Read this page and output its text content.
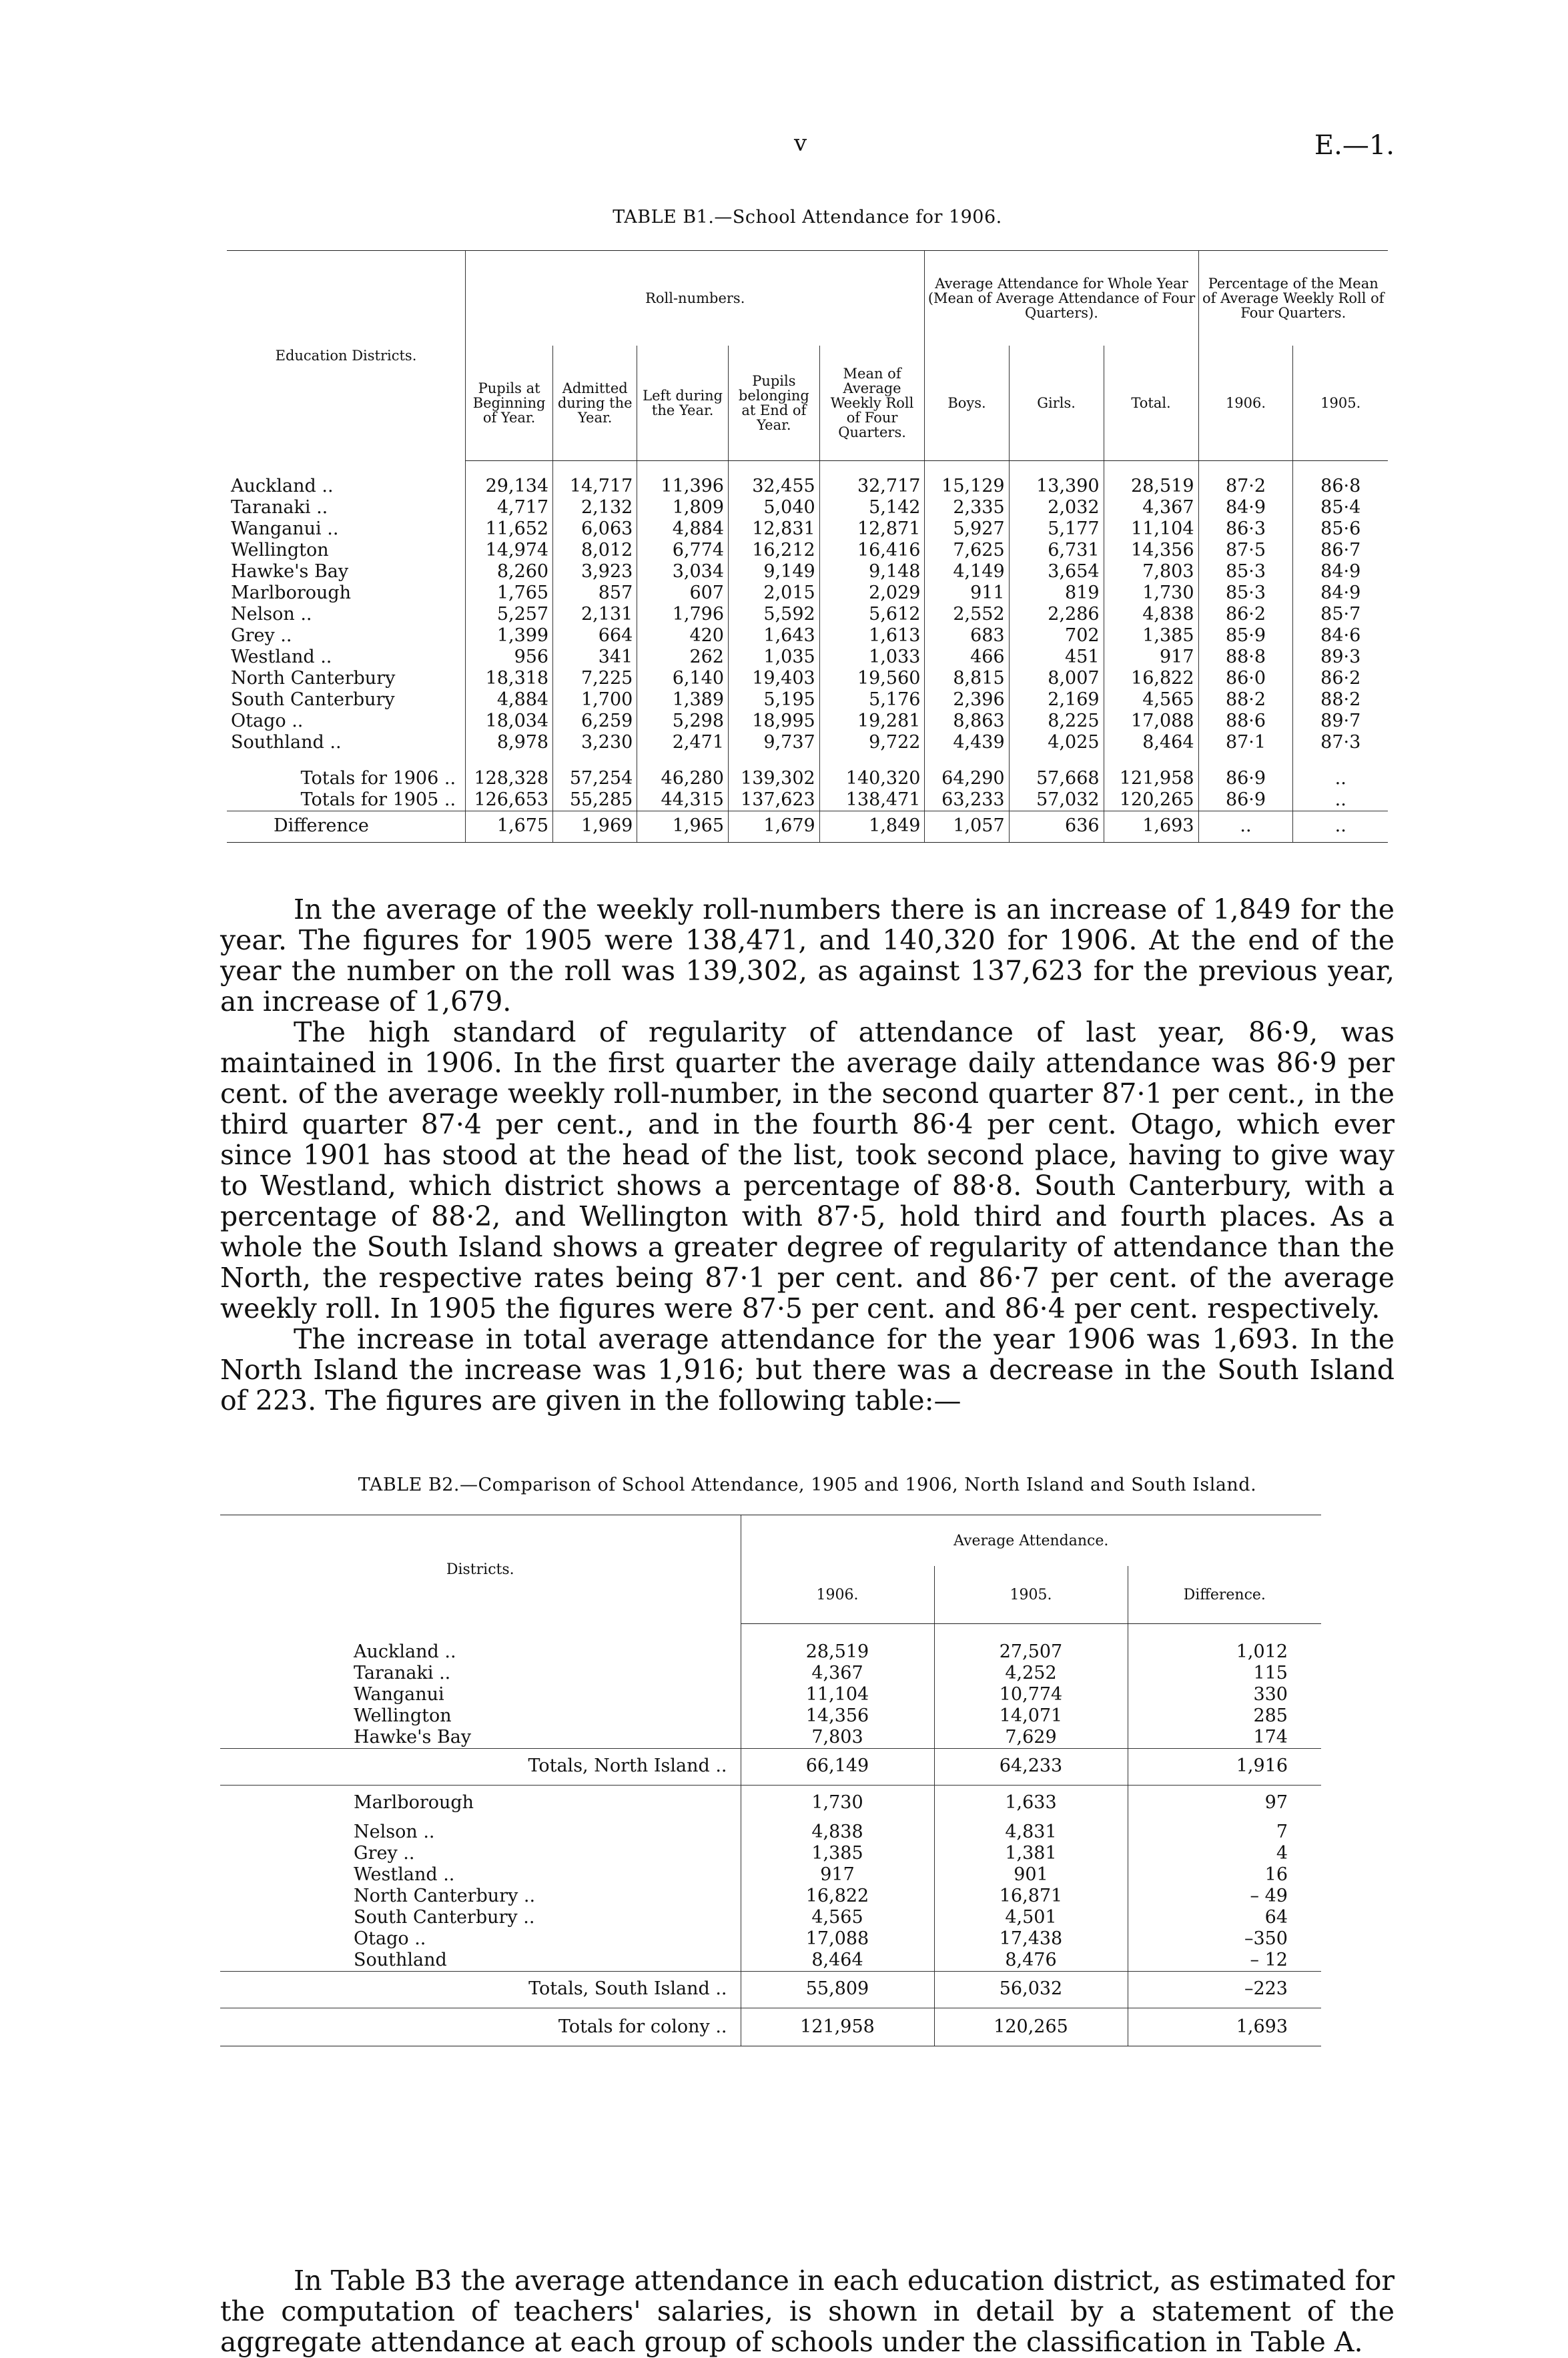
v	E.—1.
TABLE B1.—School Attendance for 1906.
Education Districts.	Roll-numbers.					Average Attendance for Whole Year (Mean of Average Attendance of Four Quarters).			Percentage of the Mean of Average Weekly Roll of Four Quarters.	
	Pupils at Beginning of Year.	Admitted during the Year.	Left during the Year.	Pupils belonging at End of Year.	Mean of Average Weekly Roll of Four Quarters.	Boys.	Girls.	Total.	1906.	1905.

Auckland ..	29,134	14,717	11,396	32,455	32,717	15,129	13,390	28,519	87·2	86·8
Taranaki ..	4,717	2,132	1,809	5,040	5,142	2,335	2,032	4,367	84·9	85·4
Wanganui ..	11,652	6,063	4,884	12,831	12,871	5,927	5,177	11,104	86·3	85·6
Wellington	14,974	8,012	6,774	16,212	16,416	7,625	6,731	14,356	87·5	86·7
Hawke's Bay	8,260	3,923	3,034	9,149	9,148	4,149	3,654	7,803	85·3	84·9
Marlborough	1,765	857	607	2,015	2,029	911	819	1,730	85·3	84·9
Nelson ..	5,257	2,131	1,796	5,592	5,612	2,552	2,286	4,838	86·2	85·7
Grey ..	1,399	664	420	1,643	1,613	683	702	1,385	85·9	84·6
Westland ..	956	341	262	1,035	1,033	466	451	917	88·8	89·3
North Canterbury	18,318	7,225	6,140	19,403	19,560	8,815	8,007	16,822	86·0	86·2
South Canterbury	4,884	1,700	1,389	5,195	5,176	2,396	2,169	4,565	88·2	88·2
Otago ..	18,034	6,259	5,298	18,995	19,281	8,863	8,225	17,088	88·6	89·7
Southland ..	8,978	3,230	2,471	9,737	9,722	4,439	4,025	8,464	87·1	87·3

Totals for 1906 ..	128,328	57,254	46,280	139,302	140,320	64,290	57,668	121,958	86·9	..
Totals for 1905 ..	126,653	55,285	44,315	137,623	138,471	63,233	57,032	120,265	86·9	..
Difference	1,675	1,969	1,965	1,679	1,849	1,057	636	1,693	..	..

In the average of the weekly roll-numbers there is an increase of 1,849 for the year. The figures for 1905 were 138,471, and 140,320 for 1906. At the end of the year the number on the roll was 139,302, as against 137,623 for the previous year, an increase of 1,679.

The high standard of regularity of attendance of last year, 86·9, was maintained in 1906. In the first quarter the average daily attendance was 86·9 per cent. of the average weekly roll-number, in the second quarter 87·1 per cent., in the third quarter 87·4 per cent., and in the fourth 86·4 per cent. Otago, which ever since 1901 has stood at the head of the list, took second place, having to give way to Westland, which district shows a percentage of 88·8. South Canterbury, with a percentage of 88·2, and Wellington with 87·5, hold third and fourth places. As a whole the South Island shows a greater degree of regularity of attendance than the North, the respective rates being 87·1 per cent. and 86·7 per cent. of the average weekly roll. In 1905 the figures were 87·5 per cent. and 86·4 per cent. respectively.

The increase in total average attendance for the year 1906 was 1,693. In the North Island the increase was 1,916; but there was a decrease in the South Island of 223. The figures are given in the following table:—

TABLE B2.—Comparison of School Attendance, 1905 and 1906, North Island and South Island.
Districts.	Average Attendance.		
	1906.	1905.	Difference.

Auckland ..	28,519	27,507	1,012
Taranaki ..	4,367	4,252	115
Wanganui	11,104	10,774	330
Wellington	14,356	14,071	285
Hawke's Bay	7,803	7,629	174
Totals, North Island ..	66,149	64,233	1,916
Marlborough	1,730	1,633	97
Nelson ..	4,838	4,831	7
Grey ..	1,385	1,381	4
Westland ..	917	901	16
North Canterbury ..	16,822	16,871	– 49
South Canterbury ..	4,565	4,501	64
Otago ..	17,088	17,438	–350
Southland	8,464	8,476	– 12
Totals, South Island ..	55,809	56,032	–223
Totals for colony ..	121,958	120,265	1,693

In Table B3 the average attendance in each education district, as estimated for the computation of teachers' salaries, is shown in detail by a statement of the aggregate attendance at each group of schools under the classification in Table A.
